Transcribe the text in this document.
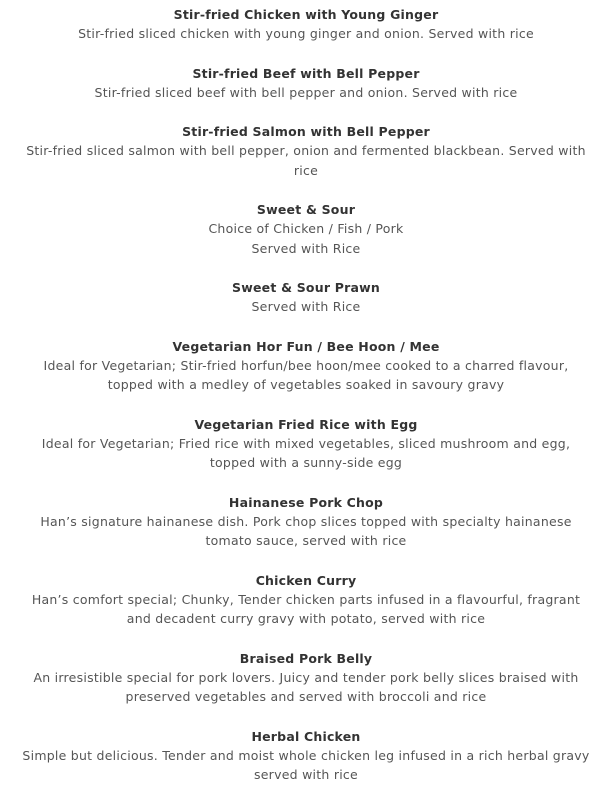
Stir-fried Chicken with Young Ginger
Stir-fried sliced chicken with young ginger and onion. Served with rice
Stir-fried Beef with Bell Pepper
Stir-fried sliced beef with bell pepper and onion. Served with rice
Stir-fried Salmon with Bell Pepper
Stir-fried sliced salmon with bell pepper, onion and fermented blackbean. Served with
rice
Sweet & Sour
Choice of Chicken / Fish / Pork
Served with Rice
Sweet & Sour Prawn
Served with Rice
Vegetarian Hor Fun / Bee Hoon / Mee
Ideal for Vegetarian; Stir-fried horfun/bee hoon/mee cooked to a charred flavour,
topped with a medley of vegetables soaked in savoury gravy
Vegetarian Fried Rice with Egg
Ideal for Vegetarian; Fried rice with mixed vegetables, sliced mushroom and egg,
topped with a sunny-side egg
Hainanese Pork Chop
Han’s signature hainanese dish. Pork chop slices topped with specialty hainanese
tomato sauce, served with rice
Chicken Curry
Han’s comfort special; Chunky, Tender chicken parts infused in a flavourful, fragrant
and decadent curry gravy with potato, served with rice
Braised Pork Belly
An irresistible special for pork lovers. Juicy and tender pork belly slices braised with
preserved vegetables and served with broccoli and rice
Herbal Chicken
Simple but delicious. Tender and moist whole chicken leg infused in a rich herbal gravy
served with rice
